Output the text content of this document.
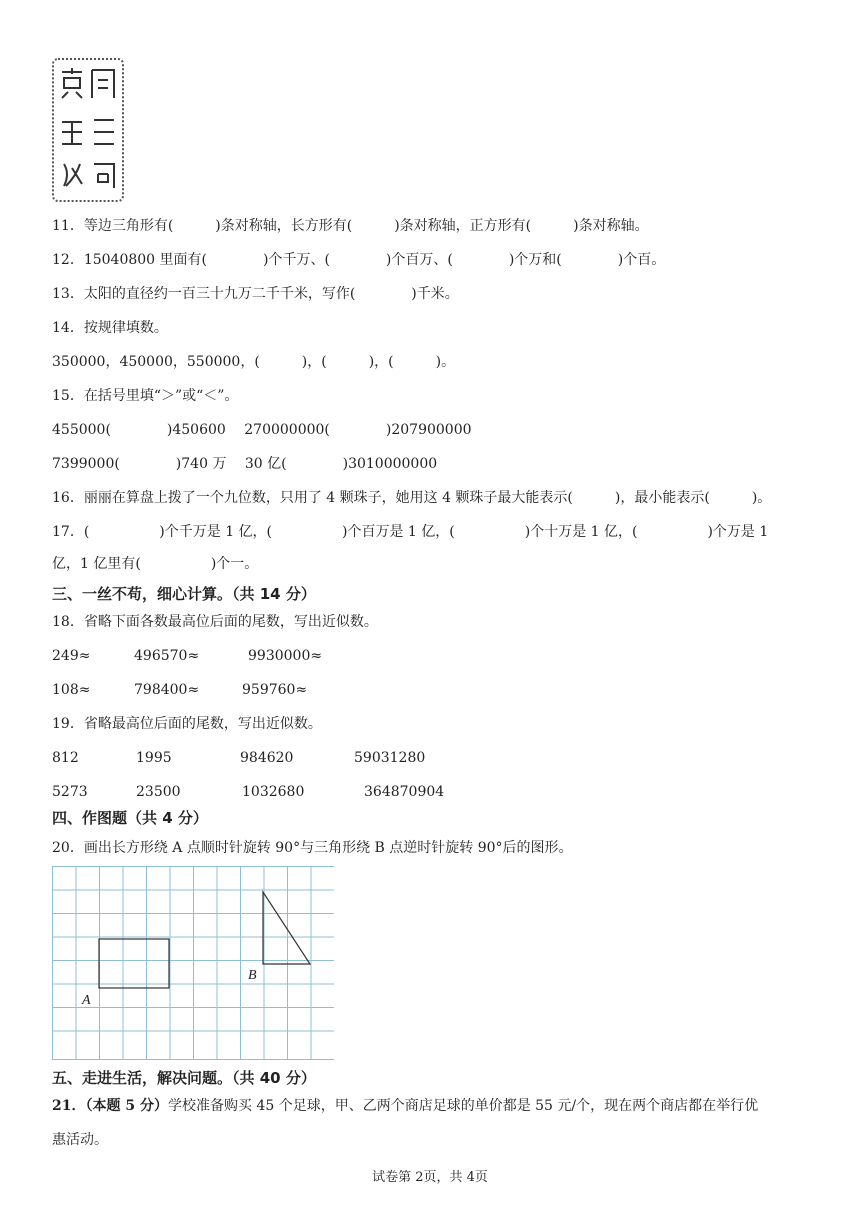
11．等边三角形有(　　　)条对称轴，长方形有(　　　)条对称轴，正方形有(　　　)条对称轴。
12．15040800 里面有(　　　　)个千万、(　　　　)个百万、(　　　　)个万和(　　　　)个百。
13．太阳的直径约一百三十九万二千千米，写作(　　　　)千米。
14．按规律填数。
350000，450000，550000，(　　　)，(　　　)，(　　　)。
15．在括号里填“＞”或“＜”。
455000(　　　　)450600　 270000000(　　　　)207900000
7399000(　　　　)740 万　 30 亿(　　　　)3010000000
16．丽丽在算盘上拨了一个九位数，只用了 4 颗珠子，她用这 4 颗珠子最大能表示(　　　)，最小能表示(　　　)。
17．(　　　　　)个千万是 1 亿，(　　　　　)个百万是 1 亿，(　　　　　)个十万是 1 亿，(　　　　　)个万是 1
亿，1 亿里有(　　　　　)个一。
三、一丝不苟，细心计算。（共 14 分）
18．省略下面各数最高位后面的尾数，写出近似数。
249≈	496570≈	9930000≈
108≈	798400≈	959760≈
19．省略最高位后面的尾数，写出近似数。
812	1995	984620	59031280
5273	23500	1032680	364870904
四、作图题（共 4 分）
20．画出长方形绕 A 点顺时针旋转 90°与三角形绕 B 点逆时针旋转 90°后的图形。
A
B
五、走进生活，解决问题。（共 40 分）
21．（本题 5 分）学校准备购买 45 个足球，甲、乙两个商店足球的单价都是 55 元/个，现在两个商店都在举行优
惠活动。
试卷第 2页，共 4页
